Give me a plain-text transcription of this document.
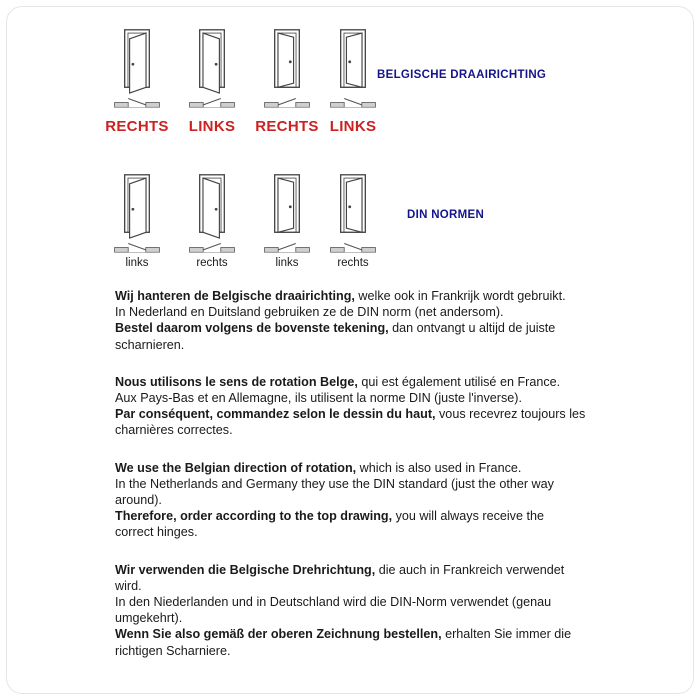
RECHTS LINKS RECHTS LINKS
BELGISCHE DRAAIRICHTING
links	rechts	links	rechts
DIN NORMEN
Wij hanteren de Belgische draairichting, welke ook in Frankrijk wordt gebruikt.
In Nederland en Duitsland gebruiken ze de DIN norm (net andersom).
Bestel daarom volgens de bovenste tekening, dan ontvangt u altijd de juiste
scharnieren.
Nous utilisons le sens de rotation Belge, qui est également utilisé en France.
Aux Pays-Bas et en Allemagne, ils utilisent la norme DIN (juste l'inverse).
Par conséquent, commandez selon le dessin du haut, vous recevrez toujours les
charnières correctes.
We use the Belgian direction of rotation, which is also used in France.
In the Netherlands and Germany they use the DIN standard (just the other way
around).
Therefore, order according to the top drawing, you will always receive the
correct hinges.
Wir verwenden die Belgische Drehrichtung, die auch in Frankreich verwendet
wird.
In den Niederlanden und in Deutschland wird die DIN-Norm verwendet (genau
umgekehrt).
Wenn Sie also gemäß der oberen Zeichnung bestellen, erhalten Sie immer die
richtigen Scharniere.
